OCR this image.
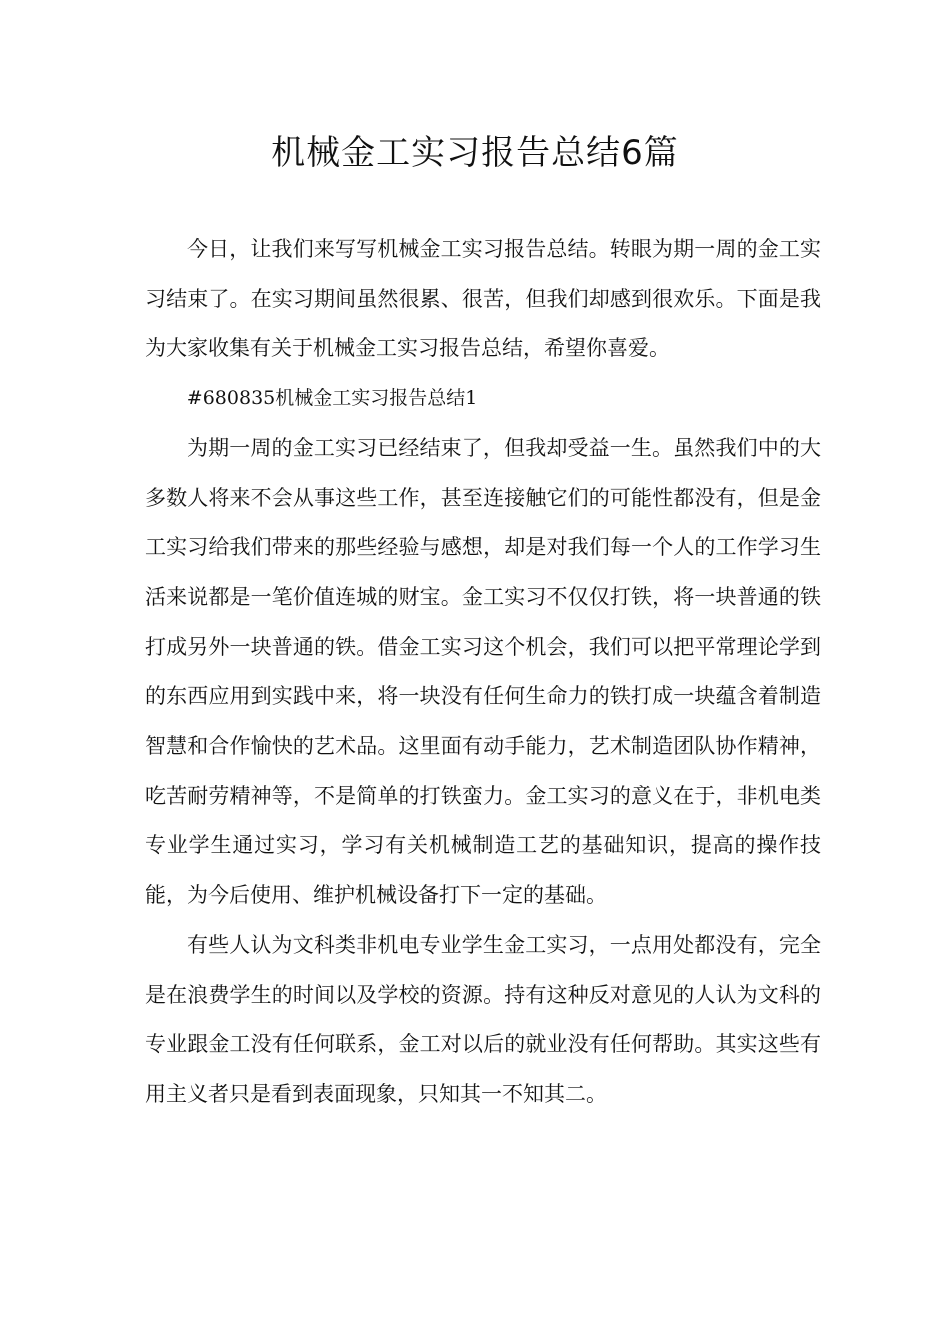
机械金工实习报告总结6篇

今日，让我们来写写机械金工实习报告总结。转眼为期一周的金工实习结束了。在实习期间虽然很累、很苦，但我们却感到很欢乐。下面是我为大家收集有关于机械金工实习报告总结，希望你喜爱。

#680835机械金工实习报告总结1

为期一周的金工实习已经结束了，但我却受益一生。虽然我们中的大多数人将来不会从事这些工作，甚至连接触它们的可能性都没有，但是金工实习给我们带来的那些经验与感想，却是对我们每一个人的工作学习生活来说都是一笔价值连城的财宝。金工实习不仅仅打铁，将一块普通的铁打成另外一块普通的铁。借金工实习这个机会，我们可以把平常理论学到的东西应用到实践中来，将一块没有任何生命力的铁打成一块蕴含着制造智慧和合作愉快的艺术品。这里面有动手能力，艺术制造团队协作精神，吃苦耐劳精神等，不是简单的打铁蛮力。金工实习的意义在于，非机电类专业学生通过实习，学习有关机械制造工艺的基础知识，提高的操作技能，为今后使用、维护机械设备打下一定的基础。

有些人认为文科类非机电专业学生金工实习，一点用处都没有，完全是在浪费学生的时间以及学校的资源。持有这种反对意见的人认为文科的专业跟金工没有任何联系，金工对以后的就业没有任何帮助。其实这些有用主义者只是看到表面现象，只知其一不知其二。
